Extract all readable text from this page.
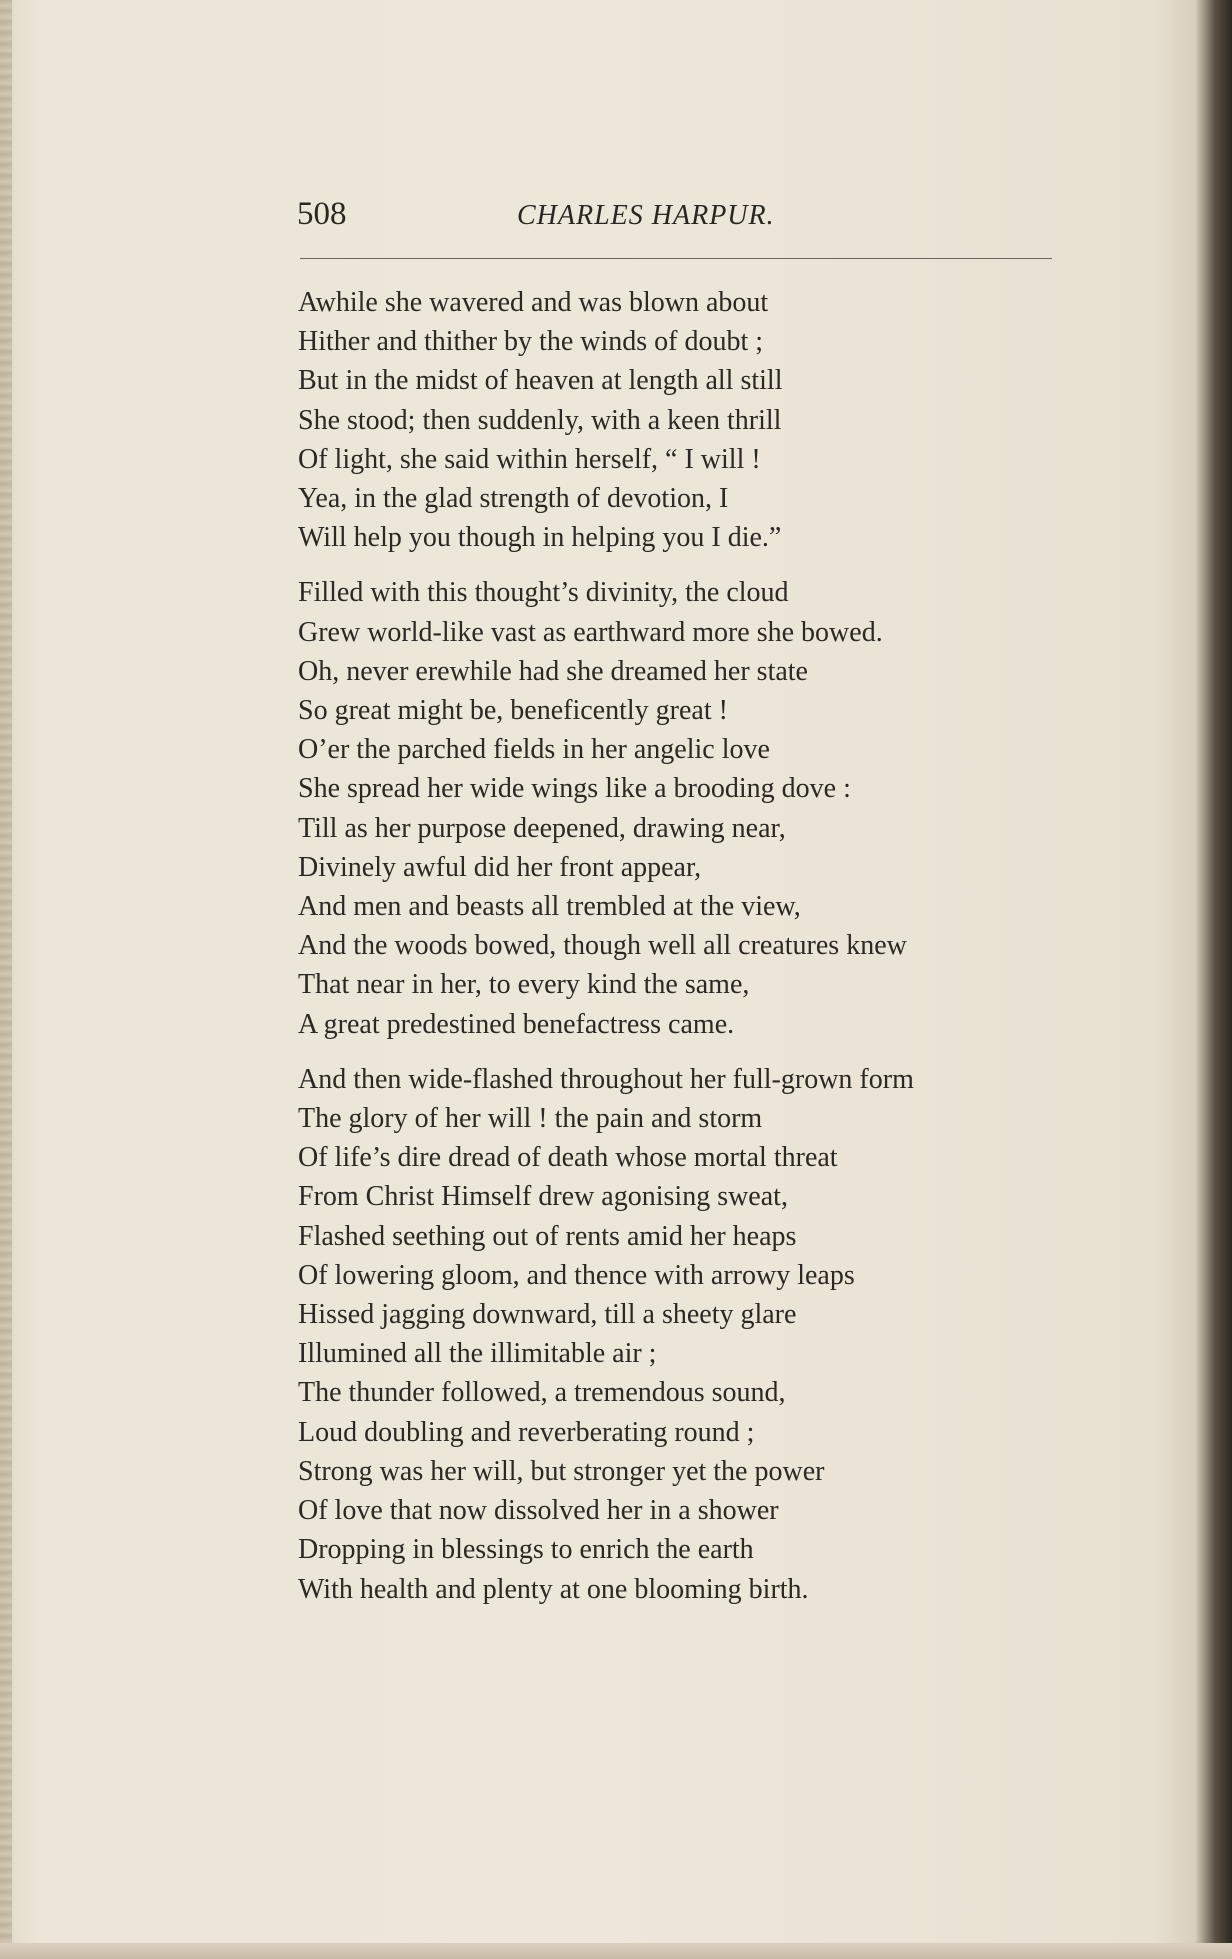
508	CHARLES HARPUR.
Awhile she wavered and was blown about
Hither and thither by the winds of doubt ;
But in the midst of heaven at length all still
She stood; then suddenly, with a keen thrill
Of light, she said within herself, “ I will !
Yea, in the glad strength of devotion, I
Will help you though in helping you I die.”
Filled with this thought’s divinity, the cloud
Grew world-like vast as earthward more she bowed.
Oh, never erewhile had she dreamed her state
So great might be, beneficently great !
O’er the parched fields in her angelic love
She spread her wide wings like a brooding dove :
Till as her purpose deepened, drawing near,
Divinely awful did her front appear,
And men and beasts all trembled at the view,
And the woods bowed, though well all creatures knew
That near in her, to every kind the same,
A great predestined benefactress came.
And then wide-flashed throughout her full-grown form
The glory of her will ! the pain and storm
Of life’s dire dread of death whose mortal threat
From Christ Himself drew agonising sweat,
Flashed seething out of rents amid her heaps
Of lowering gloom, and thence with arrowy leaps
Hissed jagging downward, till a sheety glare
Illumined all the illimitable air ;
The thunder followed, a tremendous sound,
Loud doubling and reverberating round ;
Strong was her will, but stronger yet the power
Of love that now dissolved her in a shower
Dropping in blessings to enrich the earth
With health and plenty at one blooming birth.
